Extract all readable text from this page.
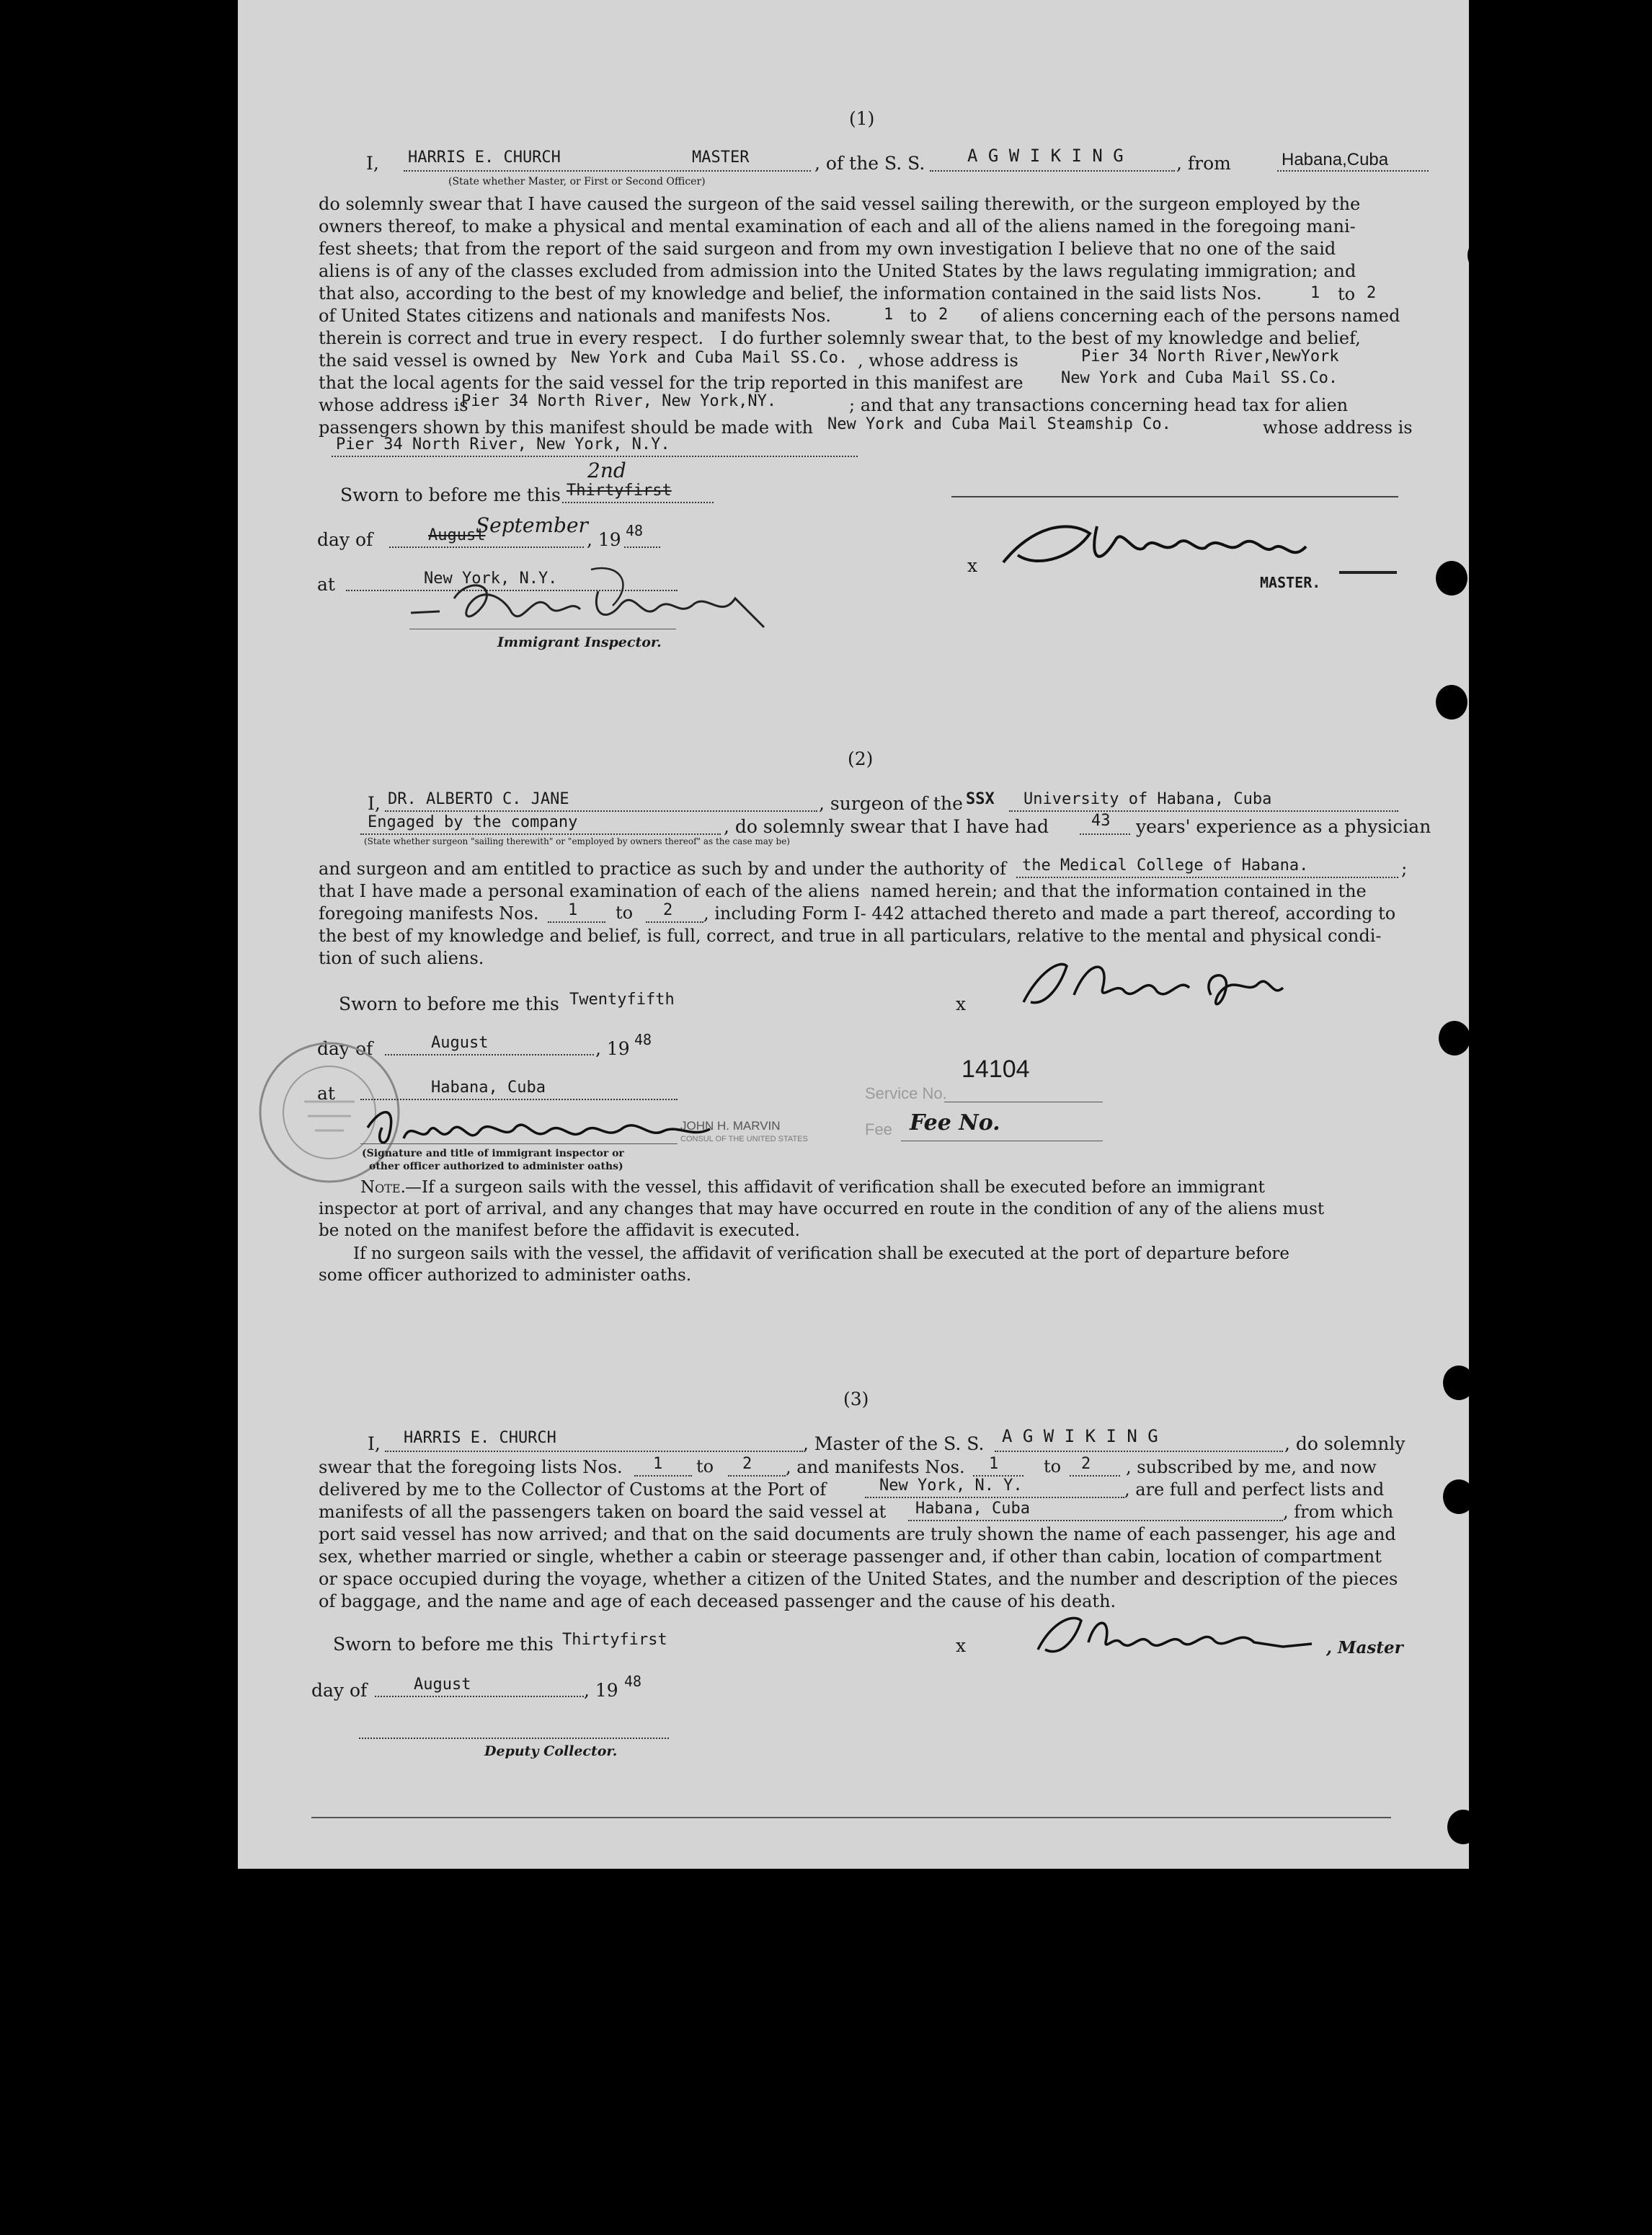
(1)
I, HARRIS E. CHURCH	MASTER	, of the S. S. A G W I K I N G	, from	Habana,Cuba
(State whether Master, or First or Second Officer)
do solemnly swear that I have caused the surgeon of the said vessel sailing therewith, or the surgeon employed by the
owners thereof, to make a physical and mental examination of each and all of the aliens named in the foregoing mani-
fest sheets; that from the report of the said surgeon and from my own investigation I believe that no one of the said
aliens is of any of the classes excluded from admission into the United States by the laws regulating immigration; and
that also, according to the best of my knowledge and belief, the information contained in the said lists Nos.	1 to 2
of United States citizens and nationals and manifests Nos.	1 to 2 of aliens concerning each of the persons named
therein is correct and true in every respect.   I do further solemnly swear that, to the best of my knowledge and belief,
the said vessel is owned by New York and Cuba Mail SS.Co. , whose address is	Pier 34 North River,NewYork
that the local agents for the said vessel for the trip reported in this manifest are New York and Cuba Mail SS.Co.
whose address is
Pier 34 North River, New York,NY.	; and that any transactions concerning head tax for alien
passengers shown by this manifest should be made with New York and Cuba Mail Steamship Co.	whose address is
Pier 34 North River, New York, N.Y.
Sworn to before me this Thirtyfirst
2nd
day of	August
September
, 19 48
x
MASTER.
at	New York, N.Y.
Immigrant Inspector.
(2)
I, DR. ALBERTO C. JANE	, surgeon of the SSX University of Habana, Cuba
Engaged by the company	, do solemnly swear that I have had	43 years' experience as a physician
(State whether surgeon "sailing therewith" or "employed by owners thereof" as the case may be)
and surgeon and am entitled to practice as such by and under the authority of the Medical College of Habana.	;
that I have made a personal examination of each of the aliens  named herein; and that the information contained in the
foregoing manifests Nos. 1 to 2 , including Form I- 442 attached thereto and made a part thereof, according to
the best of my knowledge and belief, is full, correct, and true in all particulars, relative to the mental and physical condi-
tion of such aliens.
Sworn to before me this Twentyfifth	x
day of	August	, 19 48
at	Habana, Cuba	Service No.
14104
Fee Fee No.
JOHN H. MARVIN
CONSUL OF THE UNITED STATES
(Signature and title of immigrant inspector or
other officer authorized to administer oaths)
Note. —If a surgeon sails with the vessel, this affidavit of verification shall be executed before an immigrant
inspector at port of arrival, and any changes that may have occurred en route in the condition of any of the aliens must
be noted on the manifest before the affidavit is executed.
If no surgeon sails with the vessel, the affidavit of verification shall be executed at the port of departure before
some officer authorized to administer oaths.
(3)
I, HARRIS E. CHURCH	, Master of the S. S. A G W I K I N G	, do solemnly
swear that the foregoing lists Nos. 1 to 2 , and manifests Nos. 1	to 2 , subscribed by me, and now
delivered by me to the Collector of Customs at the Port of	New York, N. Y.	, are full and perfect lists and
manifests of all the passengers taken on board the said vessel at Habana, Cuba	, from which
port said vessel has now arrived; and that on the said documents are truly shown the name of each passenger, his age and
sex, whether married or single, whether a cabin or steerage passenger and, if other than cabin, location of compartment
or space occupied during the voyage, whether a citizen of the United States, and the number and description of the pieces
of baggage, and the name and age of each deceased passenger and the cause of his death.
Sworn to before me this Thirtyfirst	x	, Master
day of	August	, 19 48
Deputy Collector.
